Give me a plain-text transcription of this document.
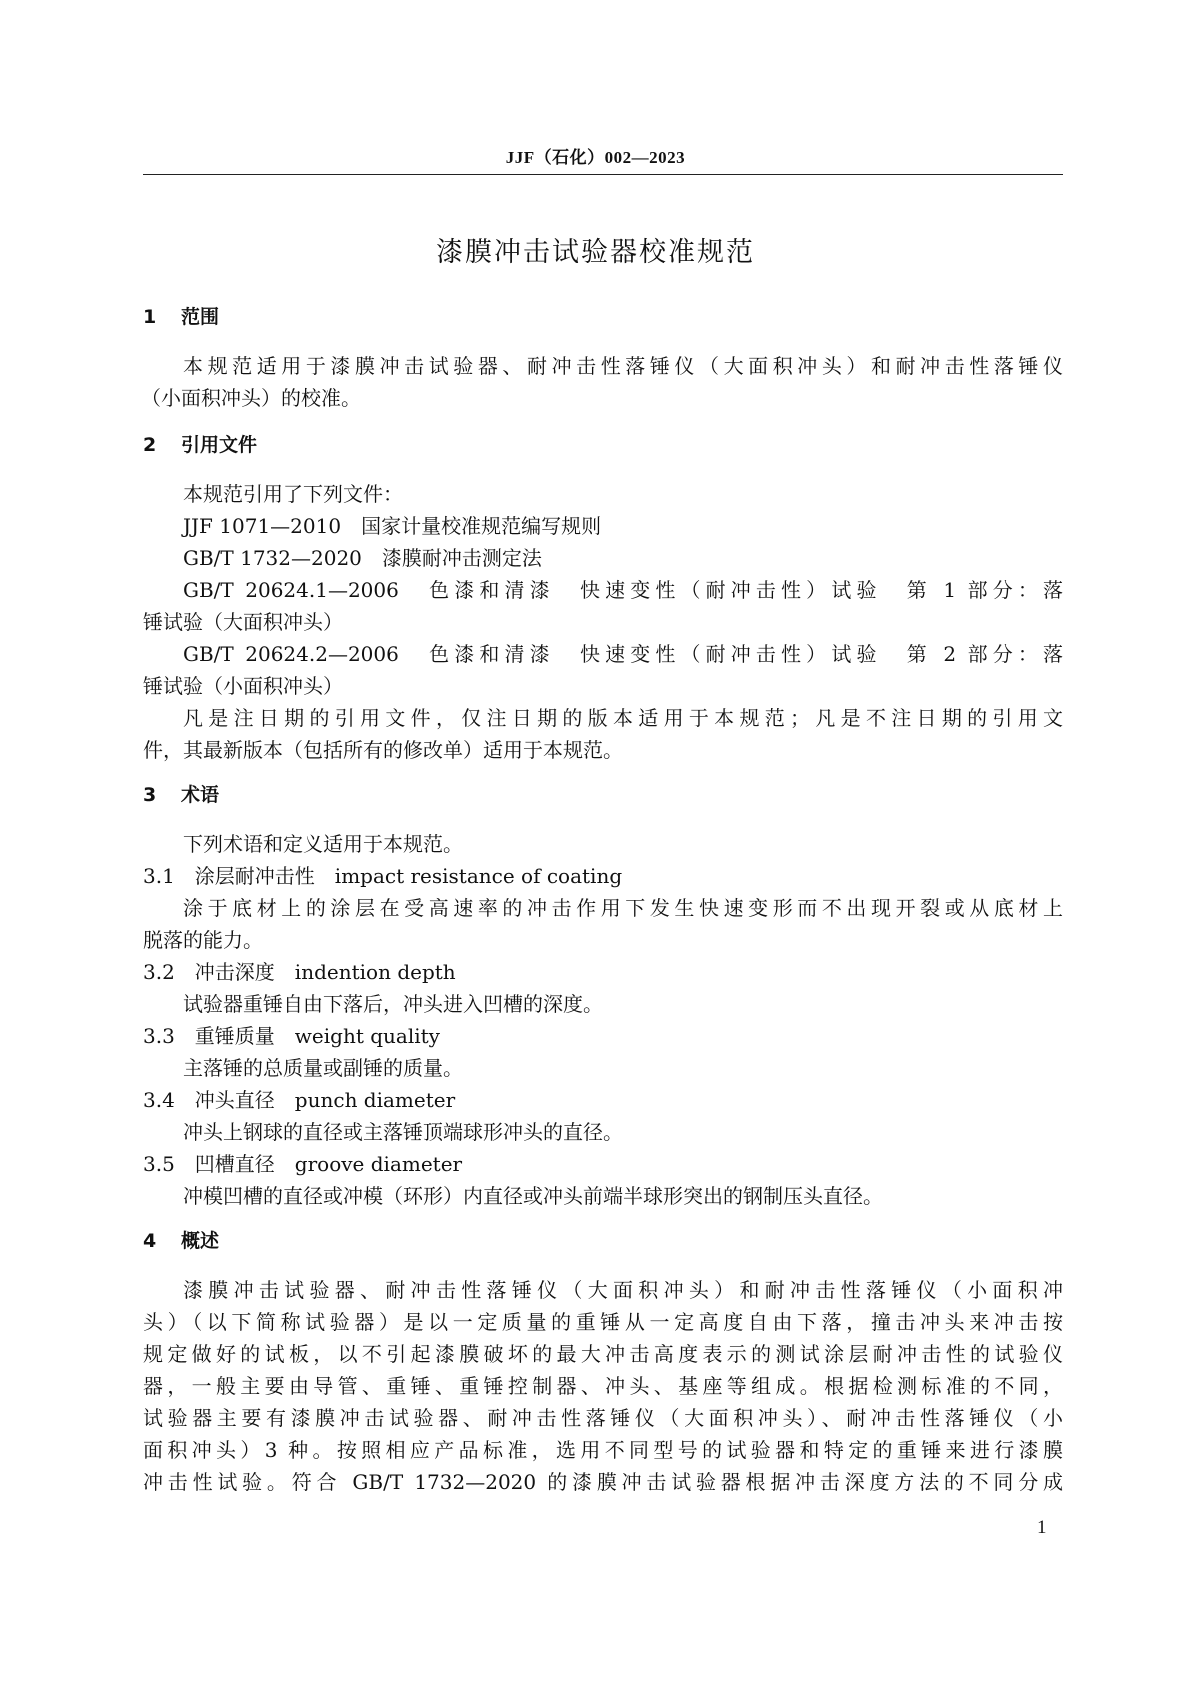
JJF（石化）002—2023
漆膜冲击试验器校准规范
1 范围
本规范适用于漆膜冲击试验器、耐冲击性落锤仪（大面积冲头）和耐冲击性落锤仪
（小面积冲头）的校准。
2 引用文件
本规范引用了下列文件：
JJF 1071—2010　国家计量校准规范编写规则
GB/T 1732—2020　漆膜耐冲击测定法
GB/T 20624.1—2006　色漆和清漆　快速变性（耐冲击性）试验　第 1 部分：落
锤试验（大面积冲头）
GB/T 20624.2—2006　色漆和清漆　快速变性（耐冲击性）试验　第 2 部分：落
锤试验（小面积冲头）
凡是注日期的引用文件，仅注日期的版本适用于本规范；凡是不注日期的引用文
件，其最新版本（包括所有的修改单）适用于本规范。
3 术语
下列术语和定义适用于本规范。
3.1　涂层耐冲击性　impact resistance of coating
涂于底材上的涂层在受高速率的冲击作用下发生快速变形而不出现开裂或从底材上
脱落的能力。
3.2　冲击深度　indention depth
试验器重锤自由下落后，冲头进入凹槽的深度。
3.3　重锤质量　weight quality
主落锤的总质量或副锤的质量。
3.4　冲头直径　punch diameter
冲头上钢球的直径或主落锤顶端球形冲头的直径。
3.5　凹槽直径　groove diameter
冲模凹槽的直径或冲模（环形）内直径或冲头前端半球形突出的钢制压头直径。
4 概述
漆膜冲击试验器、耐冲击性落锤仪（大面积冲头）和耐冲击性落锤仪（小面积冲
头）（以下简称试验器）是以一定质量的重锤从一定高度自由下落，撞击冲头来冲击按
规定做好的试板，以不引起漆膜破坏的最大冲击高度表示的测试涂层耐冲击性的试验仪
器，一般主要由导管、重锤、重锤控制器、冲头、基座等组成。根据检测标准的不同，
试验器主要有漆膜冲击试验器、耐冲击性落锤仪（大面积冲头）、耐冲击性落锤仪（小
面积冲头）3 种。按照相应产品标准，选用不同型号的试验器和特定的重锤来进行漆膜
冲击性试验。符合 GB/T 1732—2020 的漆膜冲击试验器根据冲击深度方法的不同分成
1
